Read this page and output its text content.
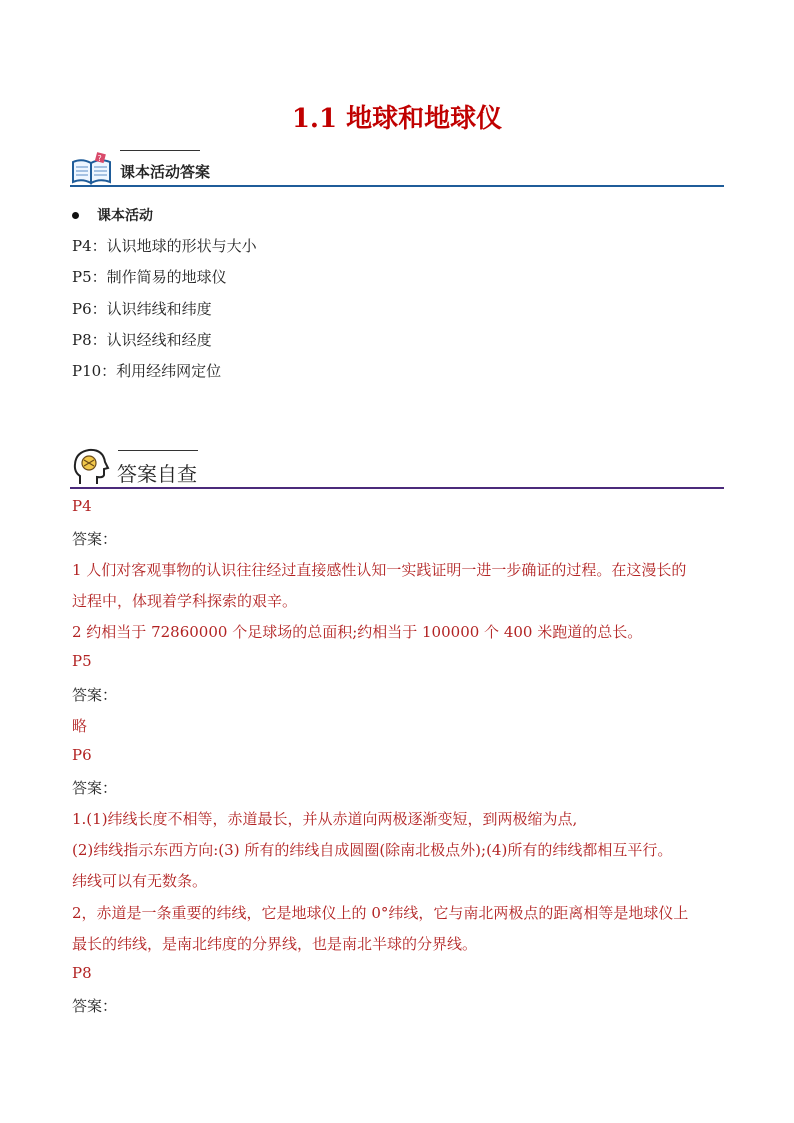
1.1 地球和地球仪
?
课本活动答案
课本活动
P4：认识地球的形状与大小
P5：制作简易的地球仪
P6：认识纬线和纬度
P8：认识经线和经度
P10：利用经纬网定位
答案自查
P4
答案：
1 人们对客观事物的认识往往经过直接感性认知一实践证明一进一步确证的过程。在这漫长的
过程中，体现着学科探索的艰辛。
2 约相当于 72860000 个足球场的总面积;约相当于 100000 个 400 米跑道的总长。
P5
答案：
略
P6
答案：
1.(1)纬线长度不相等，赤道最长，并从赤道向两极逐渐变短，到两极缩为点,
(2)纬线指示东西方向:(3) 所有的纬线自成圆圈(除南北极点外);(4)所有的纬线都相互平行。
纬线可以有无数条。
2，赤道是一条重要的纬线，它是地球仪上的 0°纬线，它与南北两极点的距离相等是地球仪上
最长的纬线，是南北纬度的分界线，也是南北半球的分界线。
P8
答案：
